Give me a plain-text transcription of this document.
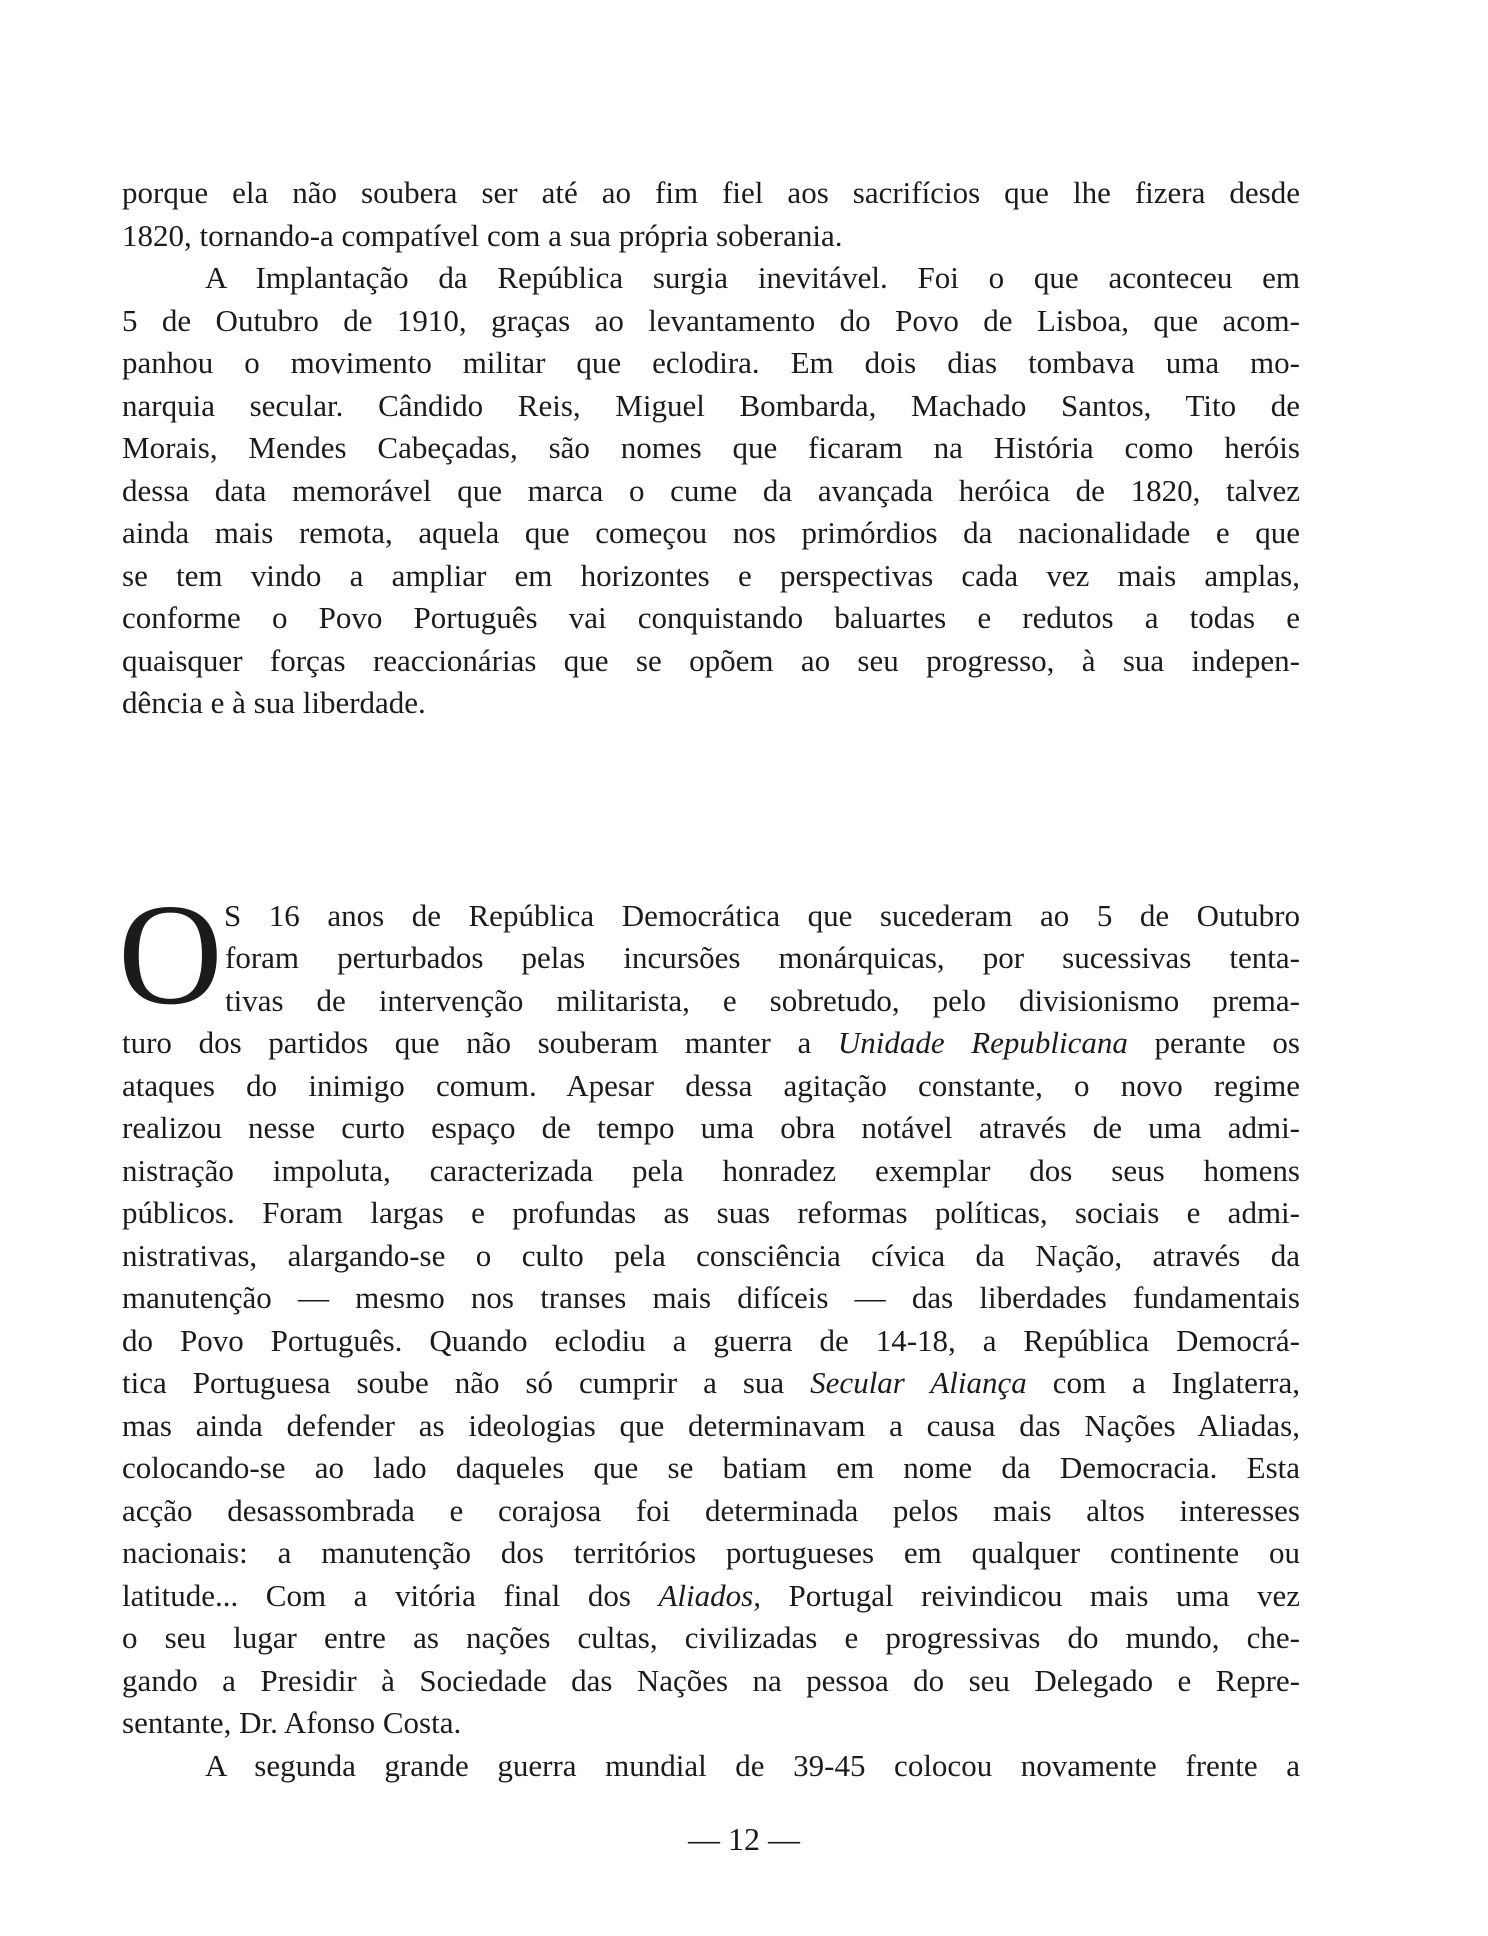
porque ela não soubera ser até ao fim fiel aos sacrifícios que lhe fizera desde
1820, tornando-a compatível com a sua própria soberania.
A Implantação da República surgia inevitável. Foi o que aconteceu em
5 de Outubro de 1910, graças ao levantamento do Povo de Lisboa, que acom-
panhou o movimento militar que eclodira. Em dois dias tombava uma mo-
narquia secular. Cândido Reis, Miguel Bombarda, Machado Santos, Tito de
Morais, Mendes Cabeçadas, são nomes que ficaram na História como heróis
dessa data memorável que marca o cume da avançada heróica de 1820, talvez
ainda mais remota, aquela que começou nos primórdios da nacionalidade e que
se tem vindo a ampliar em horizontes e perspectivas cada vez mais amplas,
conforme o Povo Português vai conquistando baluartes e redutos a todas e
quaisquer forças reaccionárias que se opõem ao seu progresso, à sua indepen-
dência e à sua liberdade.
O S 16 anos de República Democrática que sucederam ao 5 de Outubro
foram perturbados pelas incursões monárquicas, por sucessivas tenta-
tivas de intervenção militarista, e sobretudo, pelo divisionismo prema-
turo dos partidos que não souberam manter a Unidade Republicana perante os
ataques do inimigo comum. Apesar dessa agitação constante, o novo regime
realizou nesse curto espaço de tempo uma obra notável através de uma admi-
nistração impoluta, caracterizada pela honradez exemplar dos seus homens
públicos. Foram largas e profundas as suas reformas políticas, sociais e admi-
nistrativas, alargando-se o culto pela consciência cívica da Nação, através da
manutenção — mesmo nos transes mais difíceis — das liberdades fundamentais
do Povo Português. Quando eclodiu a guerra de 14-18, a República Democrá-
tica Portuguesa soube não só cumprir a sua Secular Aliança com a Inglaterra,
mas ainda defender as ideologias que determinavam a causa das Nações Aliadas,
colocando-se ao lado daqueles que se batiam em nome da Democracia. Esta
acção desassombrada e corajosa foi determinada pelos mais altos interesses
nacionais: a manutenção dos territórios portugueses em qualquer continente ou
latitude... Com a vitória final dos Aliados, Portugal reivindicou mais uma vez
o seu lugar entre as nações cultas, civilizadas e progressivas do mundo, che-
gando a Presidir à Sociedade das Nações na pessoa do seu Delegado e Repre-
sentante, Dr. Afonso Costa.
A segunda grande guerra mundial de 39-45 colocou novamente frente a
— 12 —
